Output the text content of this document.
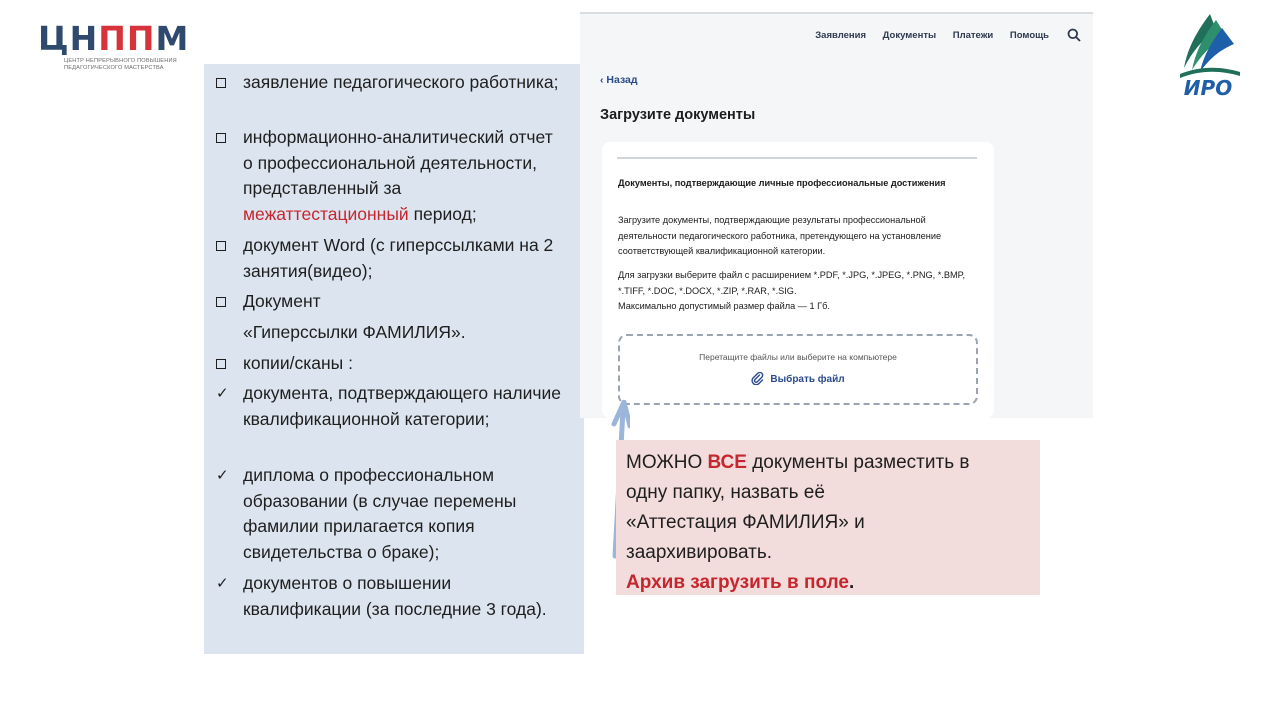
ЦНППМ
ЦЕНТР НЕПРЕРЫВНОГО ПОВЫШЕНИЯ
ПЕДАГОГИЧЕСКОГО МАСТЕРСТВА
ИРО
заявление педагогического работника;
информационно-аналитический отчет о профессиональной деятельности, представленный за межаттестационный период;
документ Word (с гиперссылками на 2 занятия(видео);
Документ
«Гиперссылки ФАМИЛИЯ».
копии/сканы :
✓ документа, подтверждающего наличие квалификационной категории;
✓ диплома о профессиональном образовании (в случае перемены фамилии прилагается копия свидетельства о браке);
✓ документов о повышении квалификации (за последние 3 года).
Заявления Документы Платежи Помощь
‹ Назад
Загрузите документы
Документы, подтверждающие личные профессиональные достижения
Загрузите документы, подтверждающие результаты профессиональной деятельности педагогического работника, претендующего на установление соответствующей квалификационной категории.
Для загрузки выберите файл с расширением *.PDF, *.JPG, *.JPEG, *.PNG, *.BMP, *.TIFF, *.DOC, *.DOCX, *.ZIP, *.RAR, *.SIG.
Максимально допустимый размер файла — 1 Гб.
Перетащите файлы или выберите на компьютере
Выбрать файл
МОЖНО ВСЕ документы разместить в
одну папку, назвать её
«Аттестация ФАМИЛИЯ» и
заархивировать.
Архив загрузить в поле.
